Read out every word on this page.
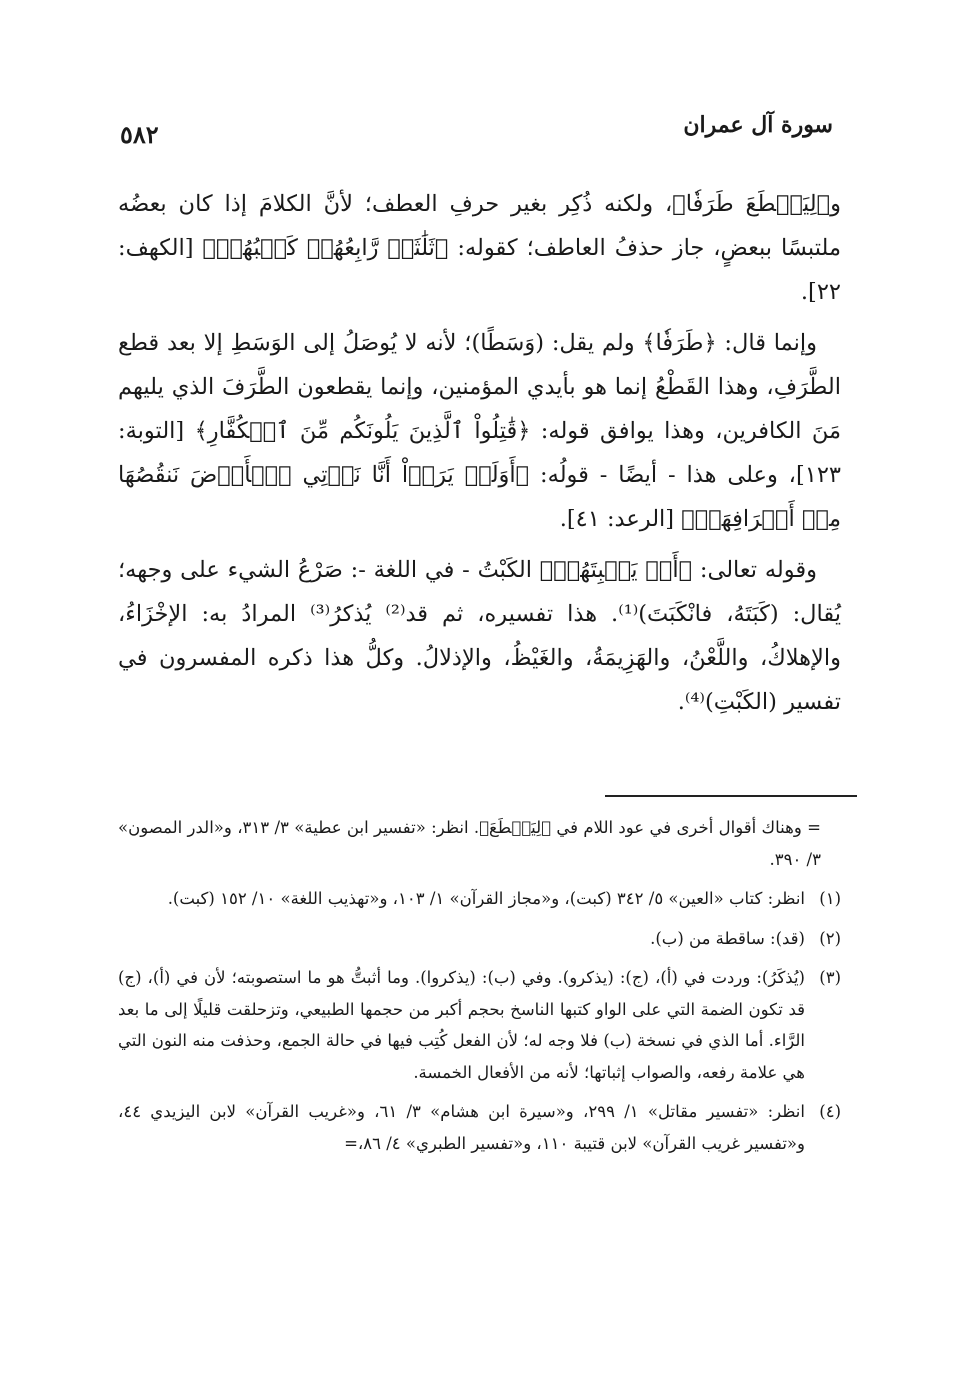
٥٨٢	سورة آل عمران

و﴿لِيَقۡطَعَ طَرَفٗا﴾، ولكنه ذُكِر بغير حرفِ العطف؛ لأنَّ الكلامَ إذا كان بعضُه ملتبسًا ببعضٍ، جاز حذفُ العاطف؛ كقوله: ﴿ثَلَٰثَةٞ رَّابِعُهُمۡ كَلۡبُهُمۡ﴾ [الكهف: ٢٢].

وإنما قال: ﴿طَرَفٗا﴾ ولم يقل: (وَسَطًا)؛ لأنه لا يُوصَلُ إلى الوَسَطِ إلا بعد قطع الطَّرَفِ، وهذا القَطْعُ إنما هو بأيدي المؤمنين، وإنما يقطعون الطَّرَفَ الذي يليهم مَنَ الكافرين، وهذا يوافق قوله: ﴿قَٰتِلُواْ ٱلَّذِينَ يَلُونَكُم مِّنَ ٱلۡكُفَّارِ﴾ [التوبة: ١٢٣]، وعلى هذا - أيضًا - قولُه: ﴿أَوَلَمۡ يَرَوۡاْ أَنَّا نَأۡتِي ٱلۡأَرۡضَ نَنقُصُهَا مِنۡ أَطۡرَافِهَاۚ﴾ [الرعد: ٤١].

وقوله تعالى: ﴿أَوۡ يَكۡبِتَهُمۡ﴾ الكَبْتُ - في اللغة -: صَرْعُ الشيء على وجهه؛ يُقال: (كَبَتَهُ، فانْكَبَتَ)⁽¹⁾. هذا تفسيره، ثم قد⁽²⁾ يُذكرُ⁽³⁾ المرادُ به: الإخْزَاءُ، والإهلاكُ، واللَّعْنُ، والهَزِيمَةُ، والغَيْظُ، والإذلالُ. وكلُّ هذا ذكره المفسرون في تفسير (الكَبْتِ)⁽⁴⁾.

= وهناك أقوال أخرى في عود اللام في ﴿لِيَقۡطَعَ﴾. انظر: «تفسير ابن عطية» ٣/ ٣١٣، و«الدر المصون» ٣/ ٣٩٠.
(١)
انظر: كتاب «العين» ٥/ ٣٤٢ (كبت)، و«مجاز القرآن» ١/ ١٠٣، و«تهذيب اللغة» ١٠/ ١٥٢ (كبت).
(٢)
(قد): ساقطة من (ب).
(٣)
(يُذكَرُ): وردت في (أ)، (ج): (يذكرو). وفي (ب): (يذكروا). وما أثبتُّ هو ما استصوبته؛ لأن في (أ)، (ج) قد تكون الضمة التي على الواو كتبها الناسخ بحجم أكبر من حجمها الطبيعي، وتزحلقت قليلًا إلى ما بعد الرَّاء. أما الذي في نسخة (ب) فلا وجه له؛ لأن الفعل كُتِب فيها في حالة الجمع، وحذفت منه النون التي هي علامة رفعه، والصواب إثباتها؛ لأنه من الأفعال الخمسة.
(٤)
انظر: «تفسير مقاتل» ١/ ٢٩٩، و«سيرة ابن هشام» ٣/ ٦١، و«غريب القرآن» لابن اليزيدي ٤٤، و«تفسير غريب القرآن» لابن قتيبة ١١٠، و«تفسير الطبري» ٤/ ٨٦،=
